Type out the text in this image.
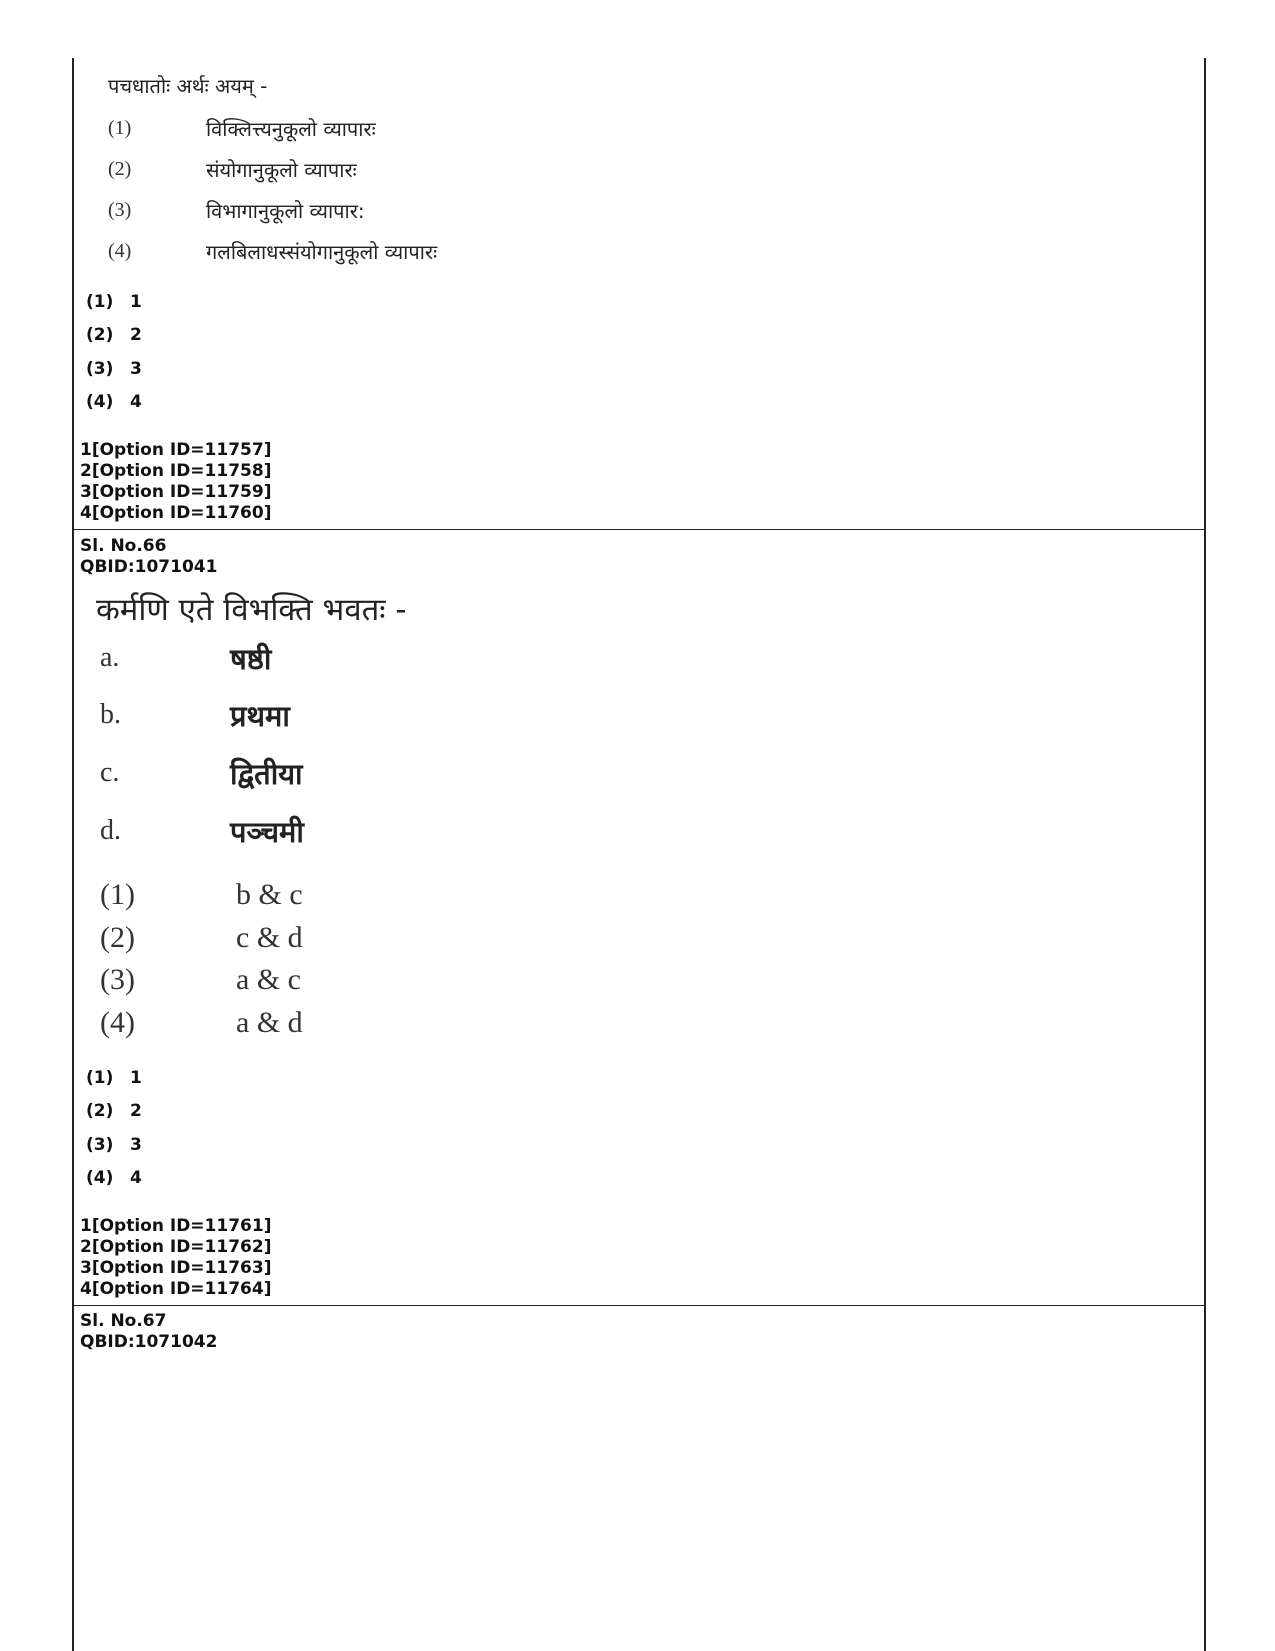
पचधातोः अर्थः अयम् -
(1)	विक्लित्त्यनुकूलो व्यापारः
(2)	संयोगानुकूलो व्यापारः
(3)	विभागानुकूलो व्यापार:
(4)	गलबिलाधस्संयोगानुकूलो व्यापारः
(1) 1
(2) 2
(3) 3
(4) 4
1[Option ID=11757]
2[Option ID=11758]
3[Option ID=11759]
4[Option ID=11760]
Sl. No.66
QBID:1071041
कर्मणि एते विभक्ति भवतः -
a.	षष्ठी
b.	प्रथमा
c.	द्वितीया
d.	पञ्चमी
(1)	b & c
(2)	c & d
(3)	a & c
(4)	a & d
(1) 1
(2) 2
(3) 3
(4) 4
1[Option ID=11761]
2[Option ID=11762]
3[Option ID=11763]
4[Option ID=11764]
Sl. No.67
QBID:1071042
